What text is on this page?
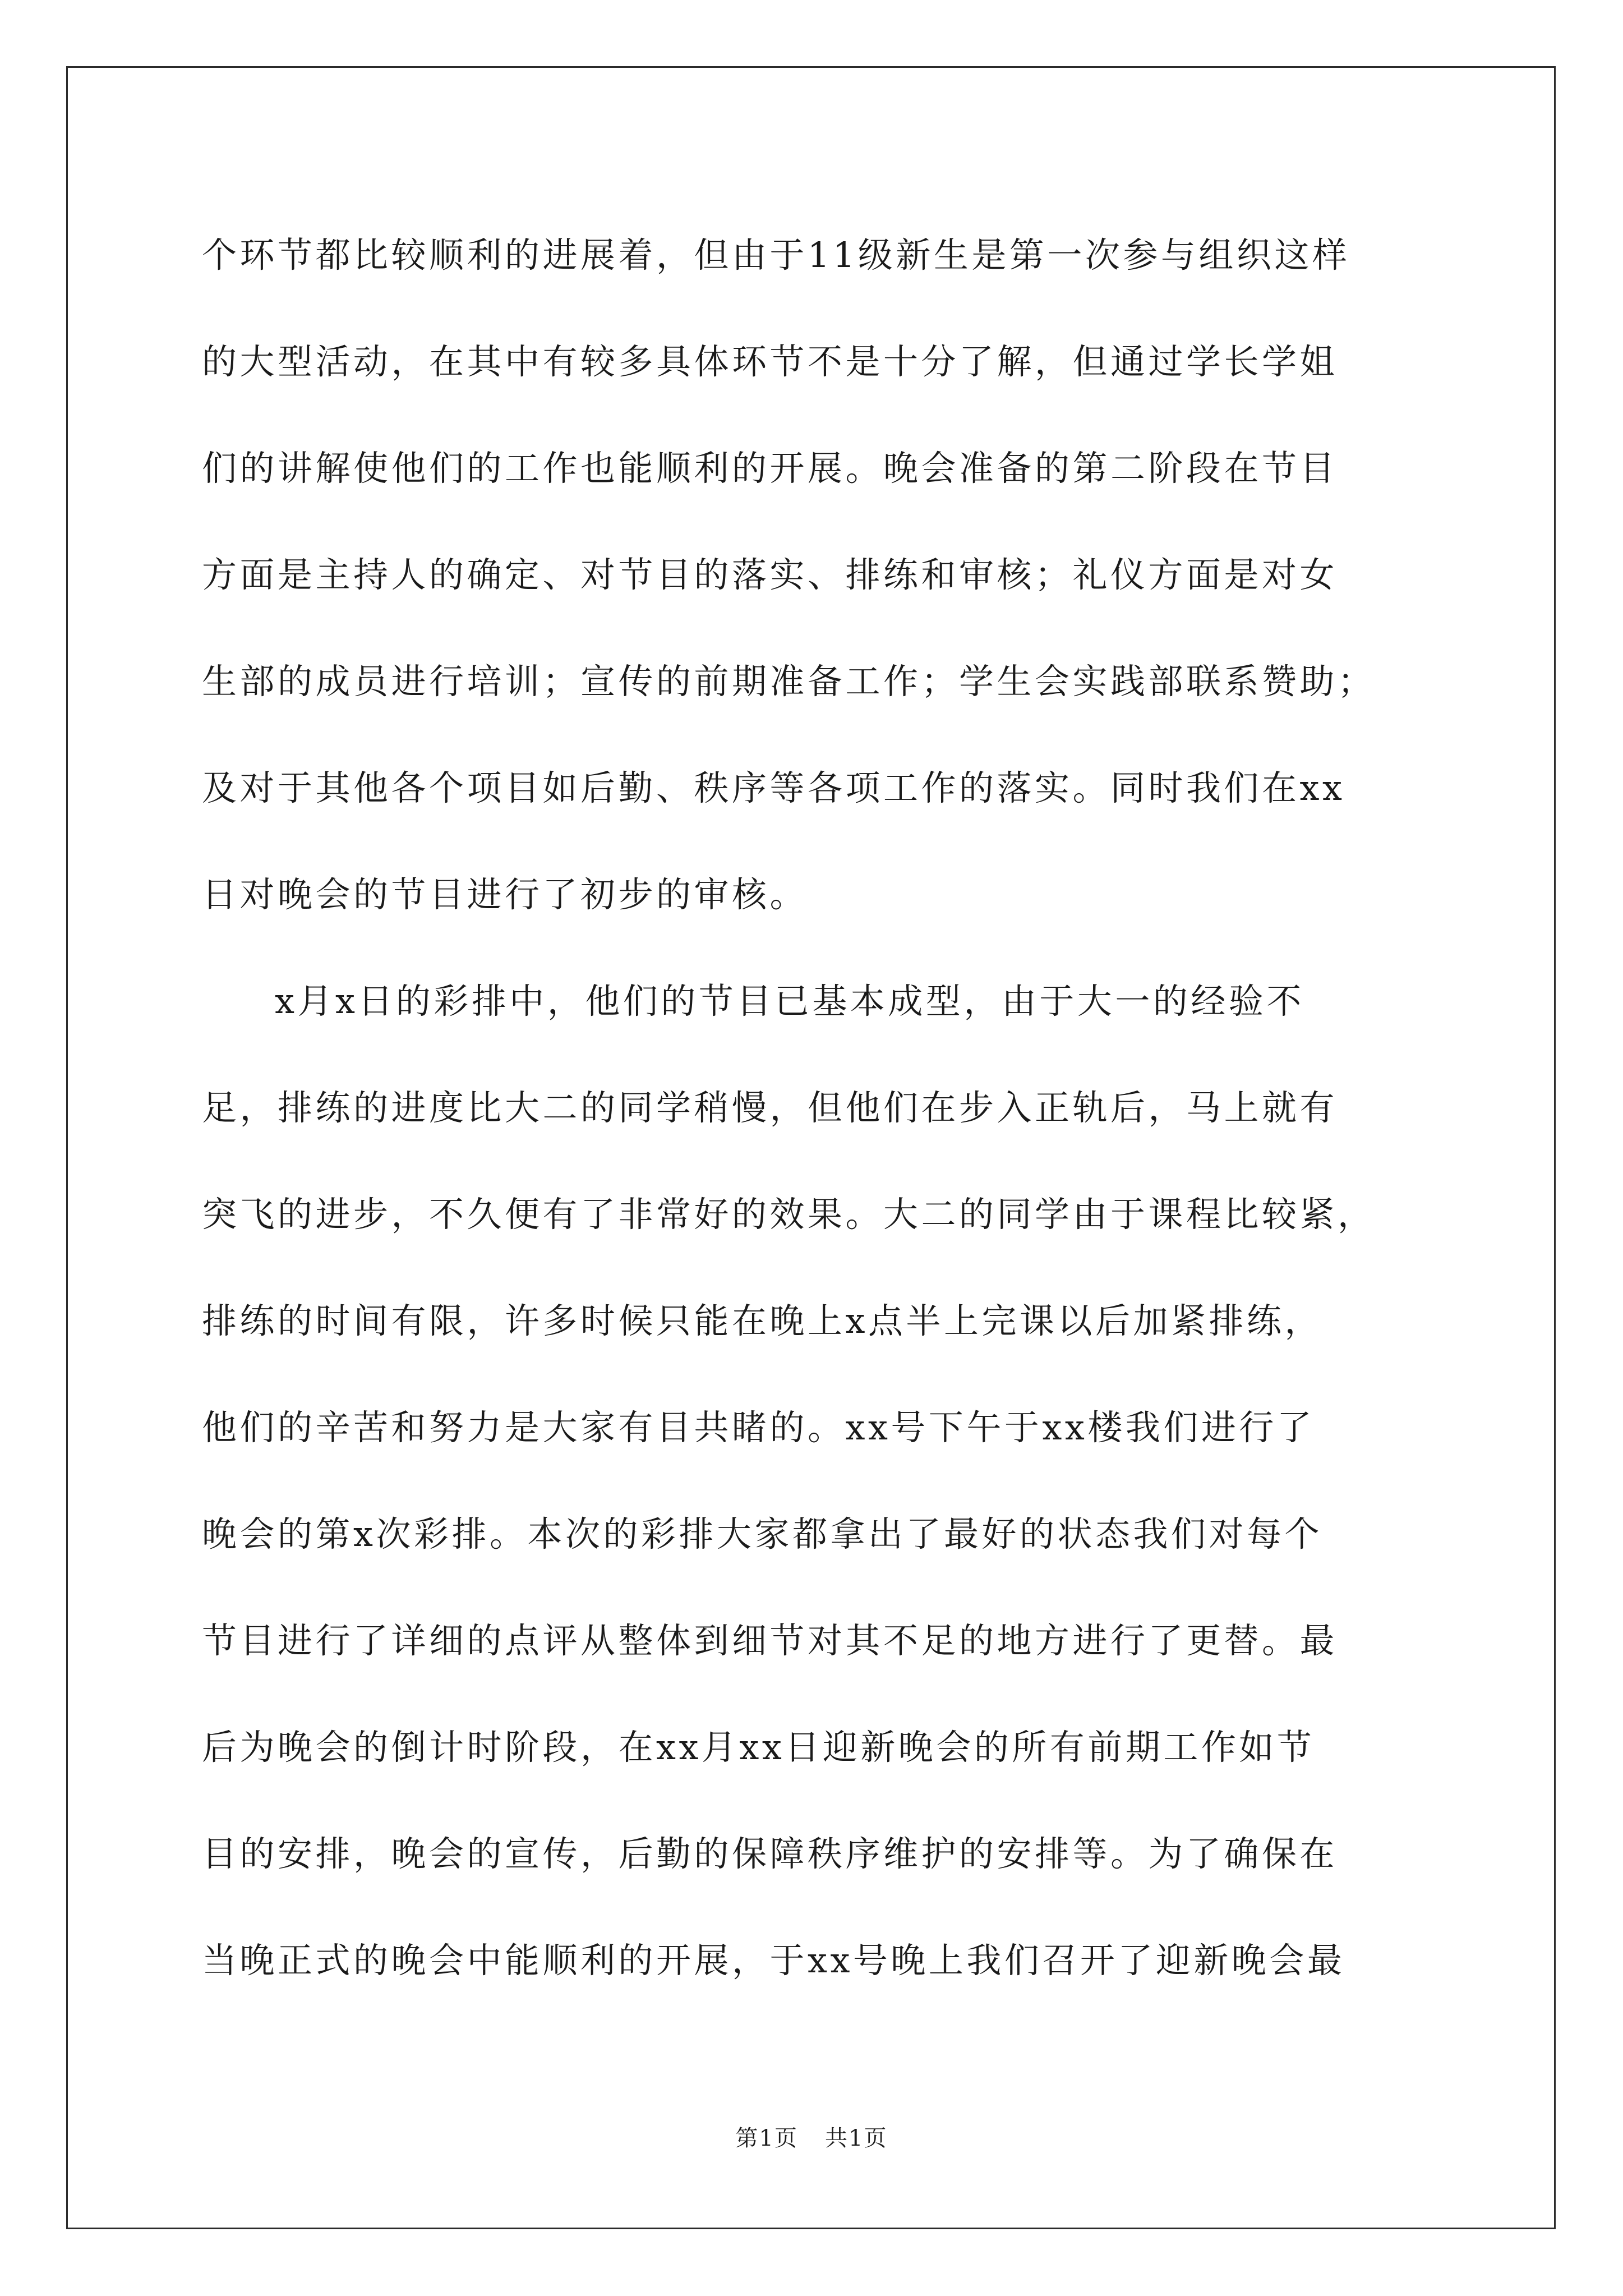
个环节都比较顺利的进展着，但由于11级新生是第一次参与组织这样
的大型活动，在其中有较多具体环节不是十分了解，但通过学长学姐
们的讲解使他们的工作也能顺利的开展。晚会准备的第二阶段在节目
方面是主持人的确定、对节目的落实、排练和审核；礼仪方面是对女
生部的成员进行培训；宣传的前期准备工作；学生会实践部联系赞助；
及对于其他各个项目如后勤、秩序等各项工作的落实。同时我们在xx
日对晚会的节目进行了初步的审核。
x月x日的彩排中，他们的节目已基本成型，由于大一的经验不
足，排练的进度比大二的同学稍慢，但他们在步入正轨后，马上就有
突飞的进步，不久便有了非常好的效果。大二的同学由于课程比较紧，
排练的时间有限，许多时候只能在晚上x点半上完课以后加紧排练，
他们的辛苦和努力是大家有目共睹的。xx号下午于xx楼我们进行了
晚会的第x次彩排。本次的彩排大家都拿出了最好的状态我们对每个
节目进行了详细的点评从整体到细节对其不足的地方进行了更替。最
后为晚会的倒计时阶段，在xx月xx日迎新晚会的所有前期工作如节
目的安排，晚会的宣传，后勤的保障秩序维护的安排等。为了确保在
当晚正式的晚会中能顺利的开展，于xx号晚上我们召开了迎新晚会最
第1页 共1页
